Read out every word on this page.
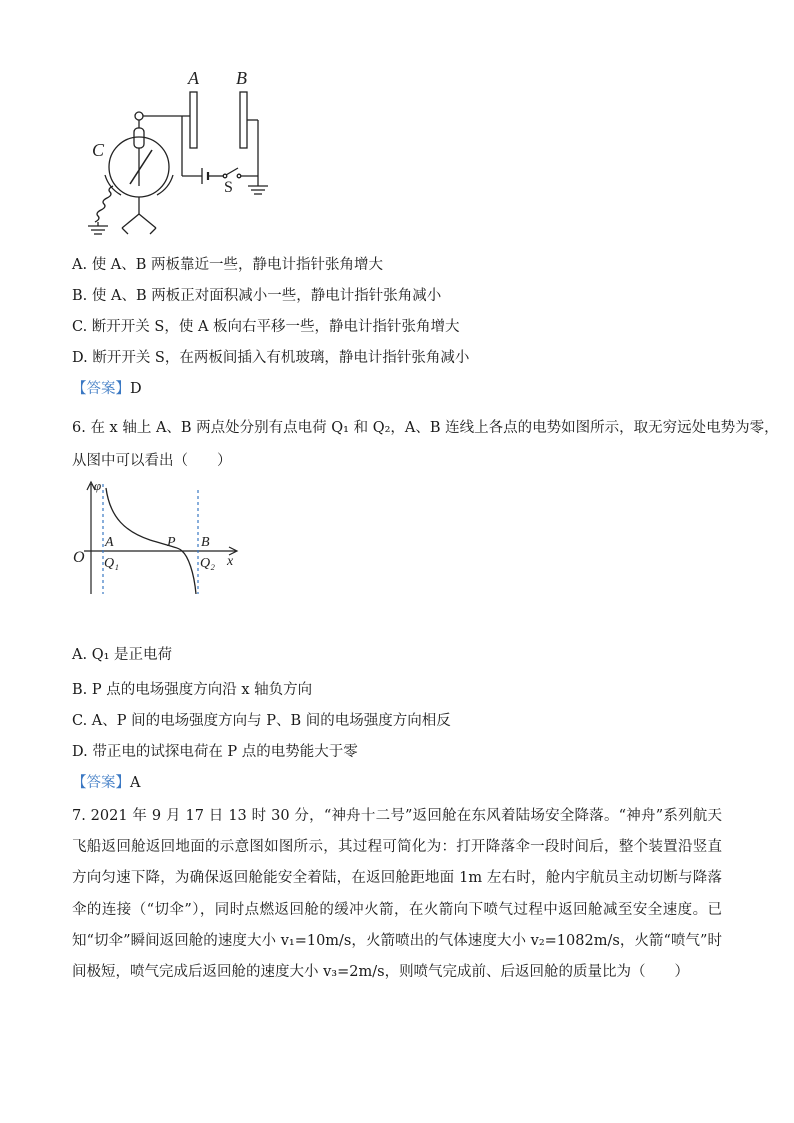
A B
C
S
A. 使 A、B 两板靠近一些，静电计指针张角增大
B. 使 A、B 两板正对面积减小一些，静电计指针张角减小
C. 断开开关 S，使 A 板向右平移一些，静电计指针张角增大
D. 断开开关 S，在两板间插入有机玻璃，静电计指针张角减小
【答案】D
6. 在 x 轴上 A、B 两点处分别有点电荷 Q₁ 和 Q₂，A、B 连线上各点的电势如图所示，取无穷远处电势为零，
从图中可以看出（　　）
φ
O
A	P B
Q₁	Q₂ x
A. Q₁ 是正电荷
B. P 点的电场强度方向沿 x 轴负方向
C. A、P 间的电场强度方向与 P、B 间的电场强度方向相反
D. 带正电的试探电荷在 P 点的电势能大于零
【答案】A
7. 2021 年 9 月 17 日 13 时 30 分，“神舟十二号”返回舱在东风着陆场安全降落。“神舟”系列航天飞船返回舱返回地面的示意图如图所示，其过程可简化为：打开降落伞一段时间后，整个装置沿竖直方向匀速下降，为确保返回舱能安全着陆，在返回舱距地面 1m 左右时，舱内宇航员主动切断与降落伞的连接（“切伞”），同时点燃返回舱的缓冲火箭，在火箭向下喷气过程中返回舱减至安全速度。已知“切伞”瞬间返回舱的速度大小 v₁=10m/s，火箭喷出的气体速度大小 v₂=1082m/s，火箭“喷气”时间极短，喷气完成后返回舱的速度大小 v₃=2m/s，则喷气完成前、后返回舱的质量比为（　　）
